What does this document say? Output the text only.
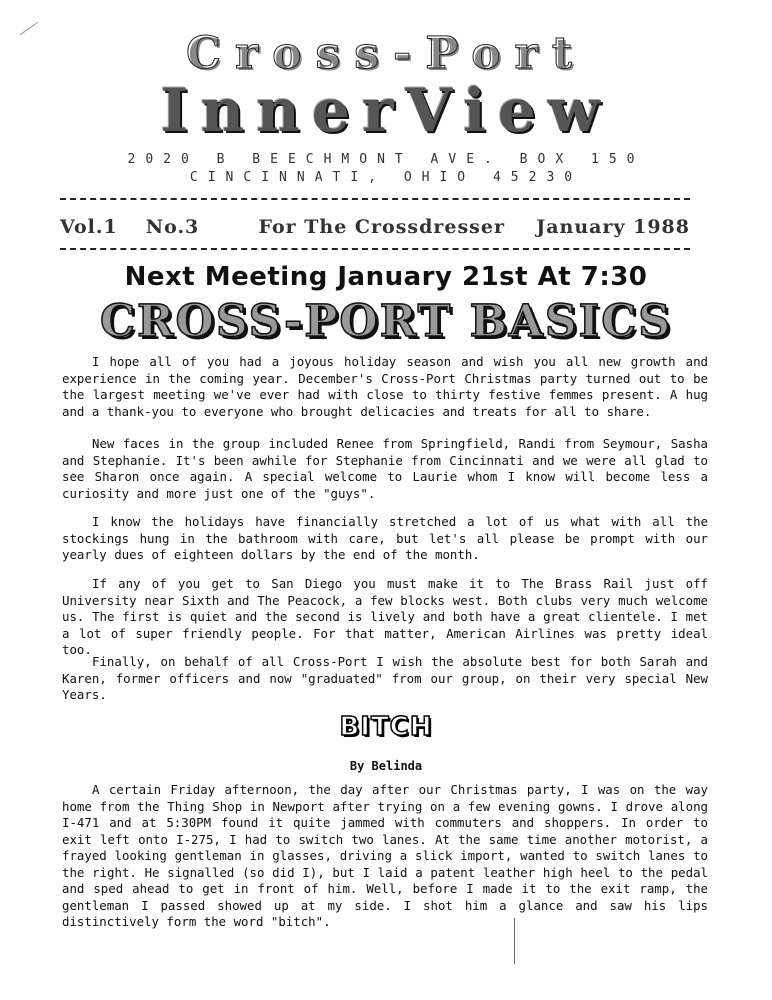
Cross-Port
InnerView
2020 B BEECHMONT AVE. BOX 150
CINCINNATI, OHIO 45230
Vol.1 No.3	For The Crossdresser January 1988
Next Meeting January 21st At 7:30
CROSS-PORT BASICS

I hope all of you had a joyous holiday season and wish you all new growth and experience in the coming year. December's Cross-Port Christmas party turned out to be the largest meeting we've ever had with close to thirty festive femmes present. A hug and a thank-you to everyone who brought delicacies and treats for all to share.

New faces in the group included Renee from Springfield, Randi from Seymour, Sasha and Stephanie. It's been awhile for Stephanie from Cincinnati and we were all glad to see Sharon once again. A special welcome to Laurie whom I know will become less a curiosity and more just one of the "guys".

I know the holidays have financially stretched a lot of us what with all the stockings hung in the bathroom with care, but let's all please be prompt with our yearly dues of eighteen dollars by the end of the month.

If any of you get to San Diego you must make it to The Brass Rail just off University near Sixth and The Peacock, a few blocks west. Both clubs very much welcome us. The first is quiet and the second is lively and both have a great clientele. I met a lot of super friendly people. For that matter, American Airlines was pretty ideal too.

Finally, on behalf of all Cross-Port I wish the absolute best for both Sarah and Karen, former officers and now "graduated" from our group, on their very special New Years.

BITCH
By Belinda

A certain Friday afternoon, the day after our Christmas party, I was on the way home from the Thing Shop in Newport after trying on a few evening gowns. I drove along I-471 and at 5:30PM found it quite jammed with commuters and shoppers. In order to exit left onto I-275, I had to switch two lanes. At the same time another motorist, a frayed looking gentleman in glasses, driving a slick import, wanted to switch lanes to the right. He signalled (so did I), but I laid a patent leather high heel to the pedal and sped ahead to get in front of him. Well, before I made it to the exit ramp, the gentleman I passed showed up at my side. I shot him a glance and saw his lips distinctively form the word "bitch".
